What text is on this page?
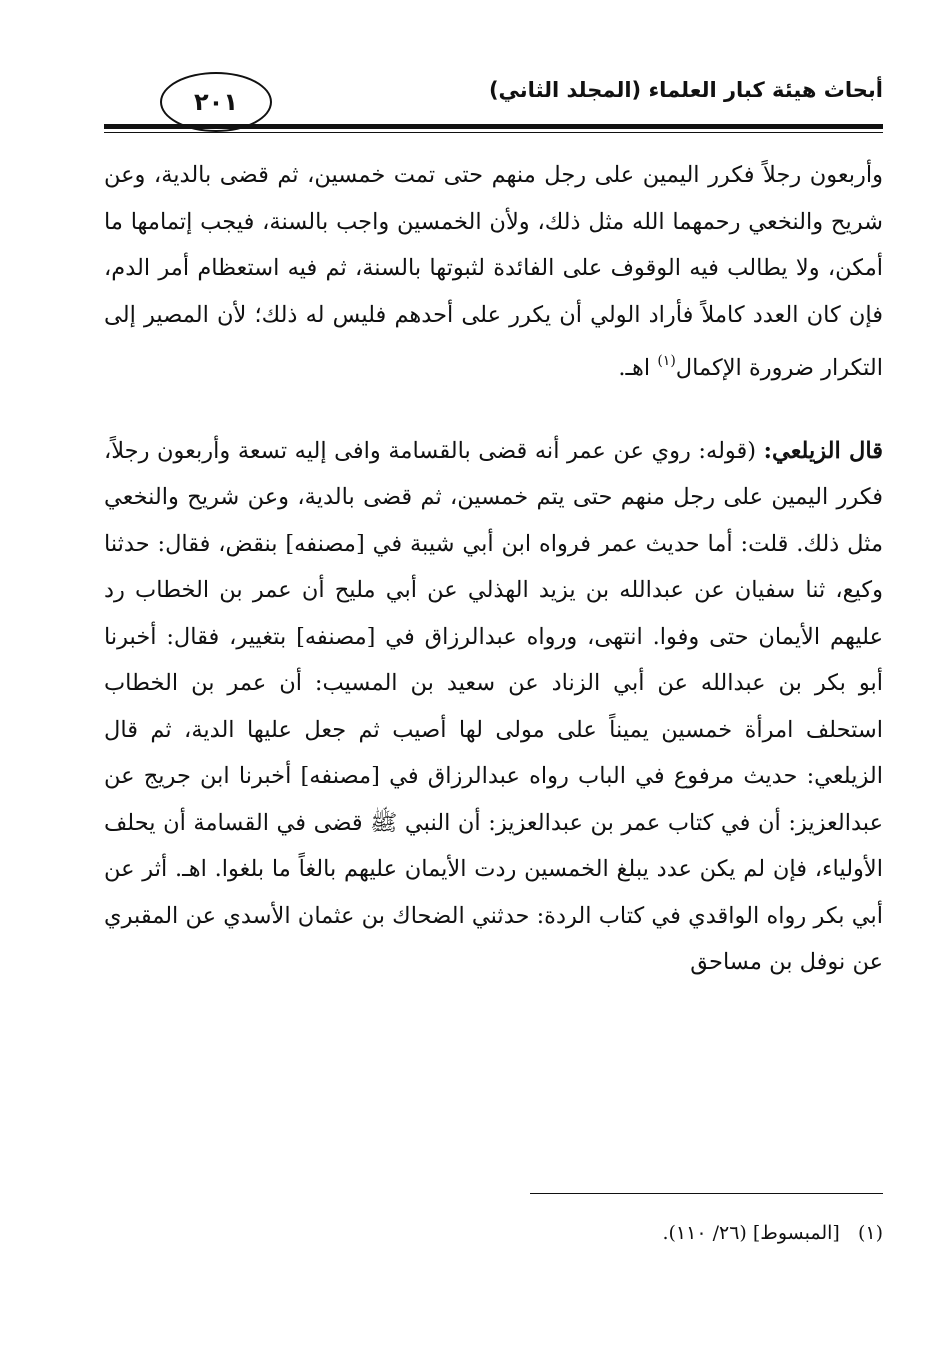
أبحاث هيئة كبار العلماء (المجلد الثاني)
٢٠١

وأربعون رجلاً فكرر اليمين على رجل منهم حتى تمت خمسين، ثم قضى بالدية، وعن شريح والنخعي رحمهما الله مثل ذلك، ولأن الخمسين واجب بالسنة، فيجب إتمامها ما أمكن، ولا يطالب فيه الوقوف على الفائدة لثبوتها بالسنة، ثم فيه استعظام أمر الدم، فإن كان العدد كاملاً فأراد الولي أن يكرر على أحدهم فليس له ذلك؛ لأن المصير إلى التكرار ضرورة الإكمال$^{(١)}$ اهـ.

قال الزيلعي: (قوله: روي عن عمر أنه قضى بالقسامة وافى إليه تسعة وأربعون رجلاً، فكرر اليمين على رجل منهم حتى يتم خمسين، ثم قضى بالدية، وعن شريح والنخعي مثل ذلك. قلت: أما حديث عمر فرواه ابن أبي شيبة في [مصنفه] بنقض، فقال: حدثنا وكيع، ثنا سفيان عن عبدالله بن يزيد الهذلي عن أبي مليح أن عمر بن الخطاب رد عليهم الأيمان حتى وفوا. انتهى، ورواه عبدالرزاق في [مصنفه] بتغيير، فقال: أخبرنا أبو بكر بن عبدالله عن أبي الزناد عن سعيد بن المسيب: أن عمر بن الخطاب استحلف امرأة خمسين يميناً على مولى لها أصيب ثم جعل عليها الدية، ثم قال الزيلعي: حديث مرفوع في الباب رواه عبدالرزاق في [مصنفه] أخبرنا ابن جريج عن عبدالعزيز: أن في كتاب عمر بن عبدالعزيز: أن النبي ﷺ قضى في القسامة أن يحلف الأولياء، فإن لم يكن عدد يبلغ الخمسين ردت الأيمان عليهم بالغاً ما بلغوا. اهـ. أثر عن أبي بكر رواه الواقدي في كتاب الردة: حدثني الضحاك بن عثمان الأسدي عن المقبري عن نوفل بن مساحق

(١)   [المبسوط] (٢٦/ ١١٠).
